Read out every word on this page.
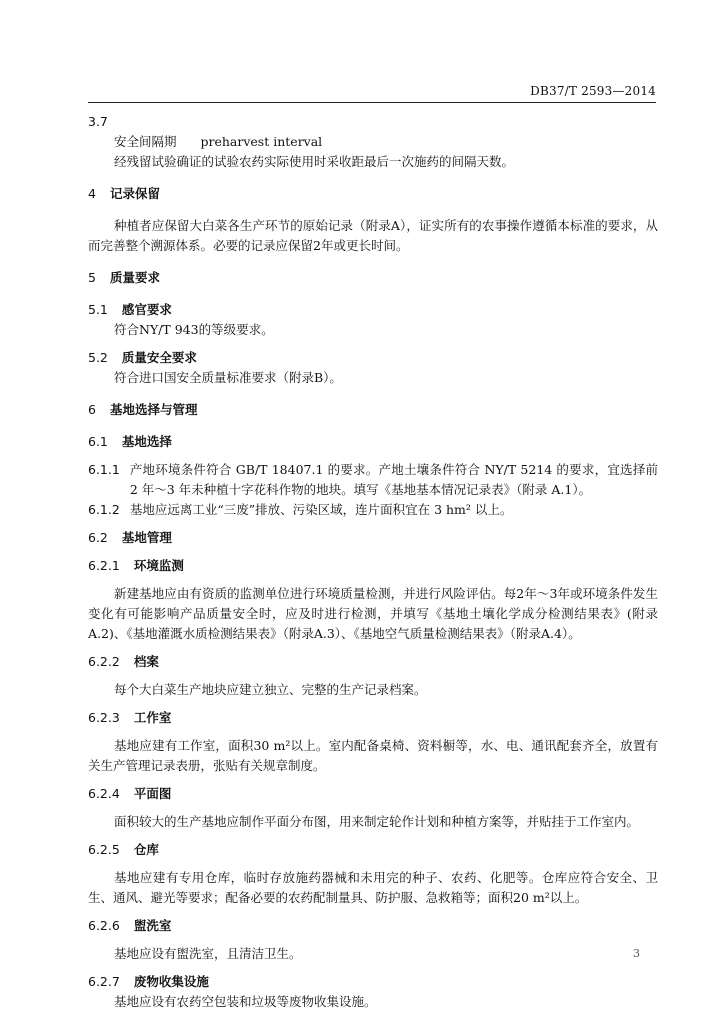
DB37/T 2593—2014
3.7
安全间隔期 preharvest interval

经残留试验确证的试验农药实际使用时采收距最后一次施药的间隔天数。

4 记录保留

种植者应保留大白菜各生产环节的原始记录（附录A），证实所有的农事操作遵循本标准的要求，从而完善整个溯源体系。必要的记录应保留2年或更长时间。

5 质量要求
5.1 感官要求

符合NY/T 943的等级要求。

5.2 质量安全要求

符合进口国安全质量标准要求（附录B）。

6 基地选择与管理
6.1 基地选择
6.1.1 产地环境条件符合 GB/T 18407.1 的要求。产地土壤条件符合 NY/T 5214 的要求，宜选择前 2 年～3 年未种植十字花科作物的地块。填写《基地基本情况记录表》（附录 A.1）。
6.1.2 基地应远离工业“三废”排放、污染区域，连片面积宜在 3 hm² 以上。
6.2 基地管理
6.2.1 环境监测

新建基地应由有资质的监测单位进行环境质量检测，并进行风险评估。每2年～3年或环境条件发生变化有可能影响产品质量安全时，应及时进行检测，并填写《基地土壤化学成分检测结果表》(附录A.2)、《基地灌溉水质检测结果表》（附录A.3）、《基地空气质量检测结果表》（附录A.4）。

6.2.2 档案

每个大白菜生产地块应建立独立、完整的生产记录档案。

6.2.3 工作室

基地应建有工作室，面积30 m²以上。室内配备桌椅、资料橱等，水、电、通讯配套齐全，放置有关生产管理记录表册，张贴有关规章制度。

6.2.4 平面图

面积较大的生产基地应制作平面分布图，用来制定轮作计划和种植方案等，并贴挂于工作室内。

6.2.5 仓库

基地应建有专用仓库，临时存放施药器械和未用完的种子、农药、化肥等。仓库应符合安全、卫生、通风、避光等要求；配备必要的农药配制量具、防护服、急救箱等；面积20 m²以上。

6.2.6 盥洗室

基地应设有盥洗室，且清洁卫生。

6.2.7 废物收集设施

基地应设有农药空包装和垃圾等废物收集设施。

3
